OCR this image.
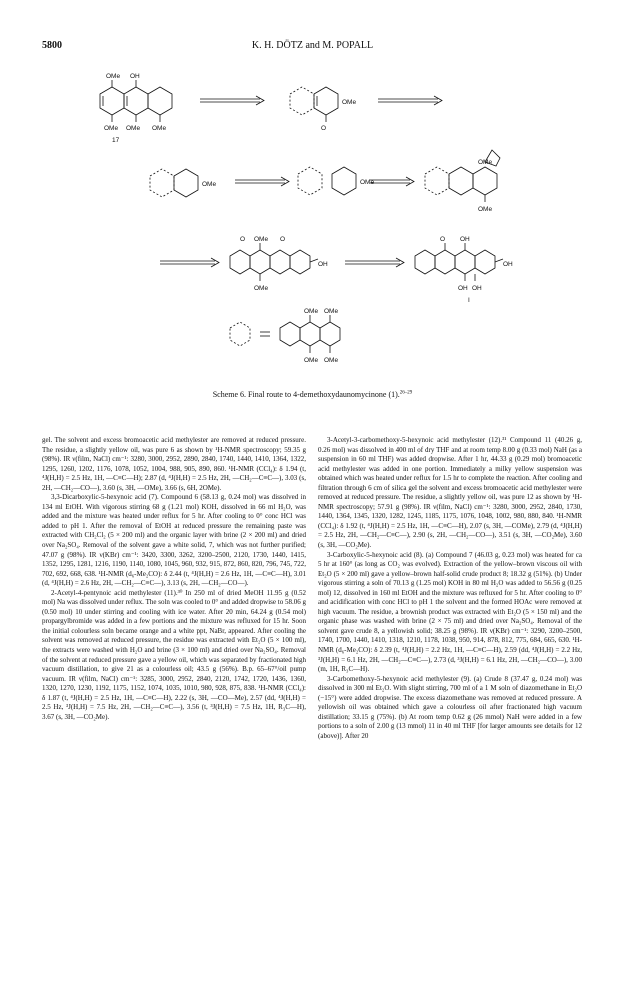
5800	K. H. DÖTZ and M. POPALL
OMe OH
OMe OMe OMe
17
OMe
O
OMe	OMe
OMe
OMe
O OMe O
OMe
OH
O OH
OH OH
OH
I
OMe OMe
OMe OMe
Scheme 6. Final route to 4-demethoxydaunomycinone (1).$^{26-29}$

gel. The solvent and excess bromoacetic acid methylester are removed at reduced pressure. The residue, a slightly yellow oil, was pure 6 as shown by ¹H-NMR spectroscopy; 59.35 g (98%). IR ν(film, NaCl) cm⁻¹: 3280, 3000, 2952, 2890, 2840, 1740, 1440, 1410, 1364, 1322, 1295, 1260, 1202, 1176, 1078, 1052, 1004, 988, 905, 890, 860. ¹H-NMR (CCl₄): δ 1.94 (t, ⁴J(H,H) = 2.5 Hz, 1H, —C≡C—H); 2.87 (d, ⁴J(H,H) = 2.5 Hz, 2H, —CH₂—C≡C—), 3.03 (s, 2H, —CH₂—CO—), 3.60 (s, 3H, —OMe), 3.66 (s, 6H, 2OMe).

3,3-Dicarboxylic-5-hexynoic acid (7). Compound 6 (58.13 g, 0.24 mol) was dissolved in 134 ml EtOH. With vigorous stirring 68 g (1.21 mol) KOH, dissolved in 66 ml H₂O, was added and the mixture was heated under reflux for 5 hr. After cooling to 0° conc HCl was added to pH 1. After the removal of EtOH at reduced pressure the remaining paste was extracted with CH₂Cl₂ (5 × 200 ml) and the organic layer with brine (2 × 200 ml) and dried over Na₂SO₄. Removal of the solvent gave a white solid, 7, which was not further purified; 47.07 g (98%). IR ν(KBr) cm⁻¹: 3420, 3300, 3262, 3200–2500, 2120, 1730, 1440, 1415, 1352, 1295, 1281, 1216, 1190, 1140, 1080, 1045, 960, 932, 915, 872, 860, 820, 796, 745, 722, 702, 692, 668, 638. ¹H-NMR (d₆-Me₂CO): δ 2.44 (t, ⁴J(H,H) = 2.6 Hz, 1H, —C≡C—H), 3.01 (d, ⁴J(H,H) = 2.6 Hz, 2H, —CH₂—C≡C—), 3.13 (s, 2H, —CH₂—CO—).

2-Acetyl-4-pentynoic acid methylester (11).³⁰ In 250 ml of dried MeOH 11.95 g (0.52 mol) Na was dissolved under reflux. The soln was cooled to 0° and added dropwise to 58.06 g (0.50 mol) 10 under stirring and cooling with ice water. After 20 min, 64.24 g (0.54 mol) propargylbromide was added in a few portions and the mixture was refluxed for 15 hr. Soon the initial colourless soln became orange and a white ppt, NaBr, appeared. After cooling the solvent was removed at reduced pressure, the residue was extracted with Et₂O (5 × 100 ml), the extracts were washed with H₂O and brine (3 × 100 ml) and dried over Na₂SO₄. Removal of the solvent at reduced pressure gave a yellow oil, which was separated by fractionated high vacuum distillation, to give 21 as a colourless oil; 43.5 g (56%). B.p. 65–67°/oil pump vacuum. IR ν(film, NaCl) cm⁻¹: 3285, 3000, 2952, 2840, 2120, 1742, 1720, 1436, 1360, 1320, 1270, 1230, 1192, 1175, 1152, 1074, 1035, 1010, 980, 928, 875, 838. ¹H-NMR (CCl₄): δ 1.87 (t, ⁴J(H,H) = 2.5 Hz, 1H, —C≡C—H), 2.22 (s, 3H, —CO—Me), 2.57 (dd, ⁴J(H,H) = 2.5 Hz, ³J(H,H) = 7.5 Hz, 2H, —CH₂—C≡C—), 3.56 (t, ³J(H,H) = 7.5 Hz, 1H, R₃C—H), 3.67 (s, 3H, —CO₂Me).

3-Acetyl-3-carbomethoxy-5-hexynoic acid methylester (12).³¹ Compound 11 (40.26 g, 0.26 mol) was dissolved in 400 ml of dry THF and at room temp 8.00 g (0.33 mol) NaH (as a suspension in 60 ml THF) was added dropwise. After 1 hr, 44.33 g (0.29 mol) bromoacetic acid methylester was added in one portion. Immediately a milky yellow suspension was obtained which was heated under reflux for 1.5 hr to complete the reaction. After cooling and filtration through 6 cm of silica gel the solvent and excess bromoacetic acid methylester were removed at reduced pressure. The residue, a slightly yellow oil, was pure 12 as shown by ¹H-NMR spectroscopy; 57.91 g (98%). IR ν(film, NaCl) cm⁻¹: 3280, 3000, 2952, 2840, 1730, 1440, 1364, 1345, 1320, 1282, 1245, 1185, 1175, 1076, 1048, 1002, 980, 880, 840. ¹H-NMR (CCl₄): δ 1.92 (t, ⁴J(H,H) = 2.5 Hz, 1H, —C≡C—H), 2.07 (s, 3H, —COMe), 2.79 (d, ⁴J(H,H) = 2.5 Hz, 2H, —CH₂—C≡C—), 2.90 (s, 2H, —CH₂—CO—), 3.51 (s, 3H, —CO₂Me), 3.60 (s, 3H, —CO₂Me).

3-Carboxylic-5-hexynoic acid (8). (a) Compound 7 (46.03 g, 0.23 mol) was heated for ca 5 hr at 160° (as long as CO₂ was evolved). Extraction of the yellow–brown viscous oil with Et₂O (5 × 200 ml) gave a yellow–brown half-solid crude product 8; 18.32 g (51%). (b) Under vigorous stirring a soln of 70.13 g (1.25 mol) KOH in 80 ml H₂O was added to 56.56 g (0.25 mol) 12, dissolved in 160 ml EtOH and the mixture was refluxed for 5 hr. After cooling to 0° and acidification with conc HCl to pH 1 the solvent and the formed HOAc were removed at high vacuum. The residue, a brownish product was extracted with Et₂O (5 × 150 ml) and the organic phase was washed with brine (2 × 75 ml) and dried over Na₂SO₄. Removal of the solvent gave crude 8, a yellowish solid; 38.25 g (98%). IR ν(KBr) cm⁻¹: 3290, 3200–2500, 1740, 1700, 1440, 1410, 1318, 1210, 1178, 1038, 950, 914, 878, 812, 775, 684, 665, 630. ¹H-NMR (d₆-Me₂CO): δ 2.39 (t, ⁴J(H,H) = 2.2 Hz, 1H, —C≡C—H), 2.59 (dd, ⁴J(H,H) = 2.2 Hz, ³J(H,H) = 6.1 Hz, 2H, —CH₂—C≡C—), 2.73 (d, ³J(H,H) = 6.1 Hz, 2H, —CH₂—CO—), 3.00 (m, 1H, R₃C—H).

3-Carbomethoxy-5-hexynoic acid methylester (9). (a) Crude 8 (37.47 g, 0.24 mol) was dissolved in 300 ml Et₂O. With slight stirring, 700 ml of a 1 M soln of diazomethane in Et₂O (−15°) were added dropwise. The excess diazomethane was removed at reduced pressure. A yellowish oil was obtained which gave a colourless oil after fractionated high vacuum distillation; 33.15 g (75%). (b) At room temp 0.62 g (26 mmol) NaH were added in a few portions to a soln of 2.00 g (13 mmol) 11 in 40 ml THF [for larger amounts see details for 12 (above)]. After 20
